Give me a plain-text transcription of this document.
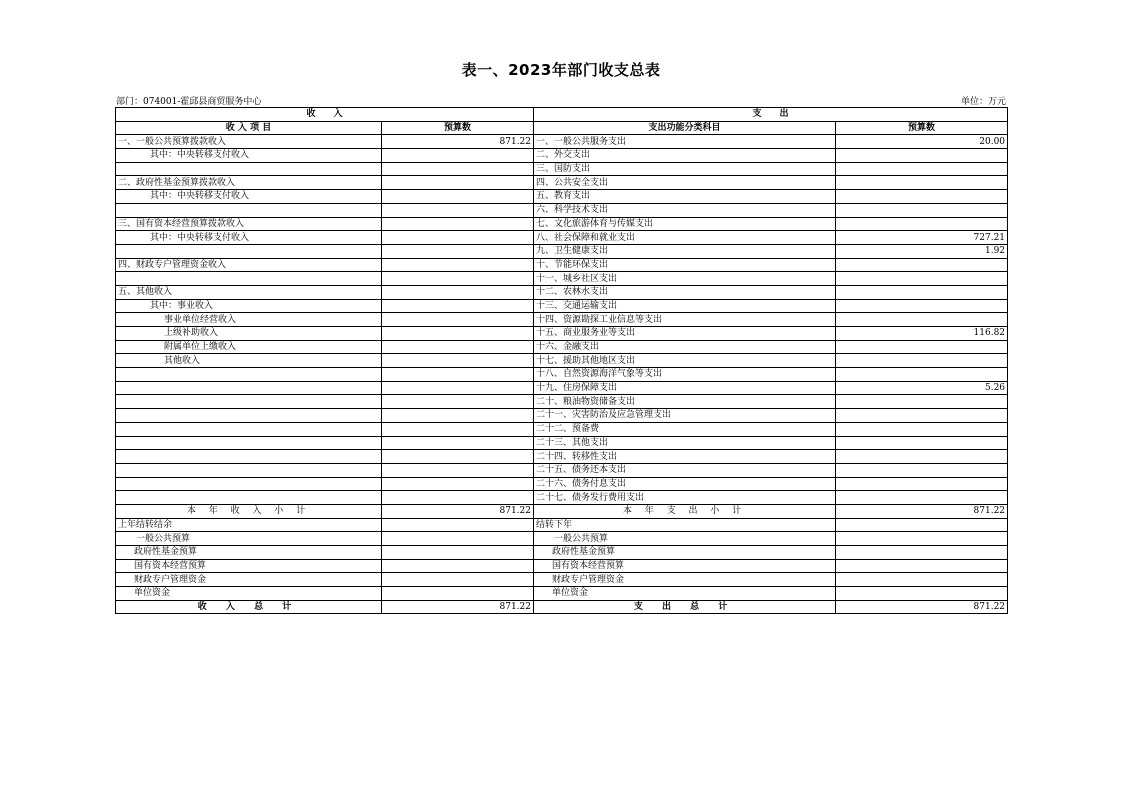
表一、2023年部门收支总表
部门：074001-霍邱县商贸服务中心	单位：万元
收　　入		支　　出	
收 入 项 目	预算数	支出功能分类科目	预算数
一、一般公共预算拨款收入	871.22	一、一般公共服务支出	20.00
其中：中央转移支付收入		二、外交支出	
		三、国防支出	
二、政府性基金预算拨款收入		四、公共安全支出	
其中：中央转移支付收入		五、教育支出	
		六、科学技术支出	
三、国有资本经营预算拨款收入		七、文化旅游体育与传媒支出	
其中：中央转移支付收入		八、社会保障和就业支出	727.21
		九、卫生健康支出	1.92
四、财政专户管理资金收入		十、节能环保支出	
		十一、城乡社区支出	
五、其他收入		十二、农林水支出	
其中：事业收入		十三、交通运输支出	
事业单位经营收入		十四、资源勘探工业信息等支出	
上级补助收入		十五、商业服务业等支出	116.82
附属单位上缴收入		十六、金融支出	
其他收入		十七、援助其他地区支出	
		十八、自然资源海洋气象等支出	
		十九、住房保障支出	5.26
		二十、粮油物资储备支出	
		二十一、灾害防治及应急管理支出	
		二十二、预备费	
		二十三、其他支出	
		二十四、转移性支出	
		二十五、债务还本支出	
		二十六、债务付息支出	
		二十七、债务发行费用支出	
本 年 收 入 小 计	871.22	本 年 支 出 小 计	871.22
上年结转结余		结转下年	
一般公共预算		一般公共预算	
政府性基金预算		政府性基金预算	
国有资本经营预算		国有资本经营预算	
财政专户管理资金		财政专户管理资金	
单位资金		单位资金	
收 入 总 计	871.22	支 出 总 计	871.22
